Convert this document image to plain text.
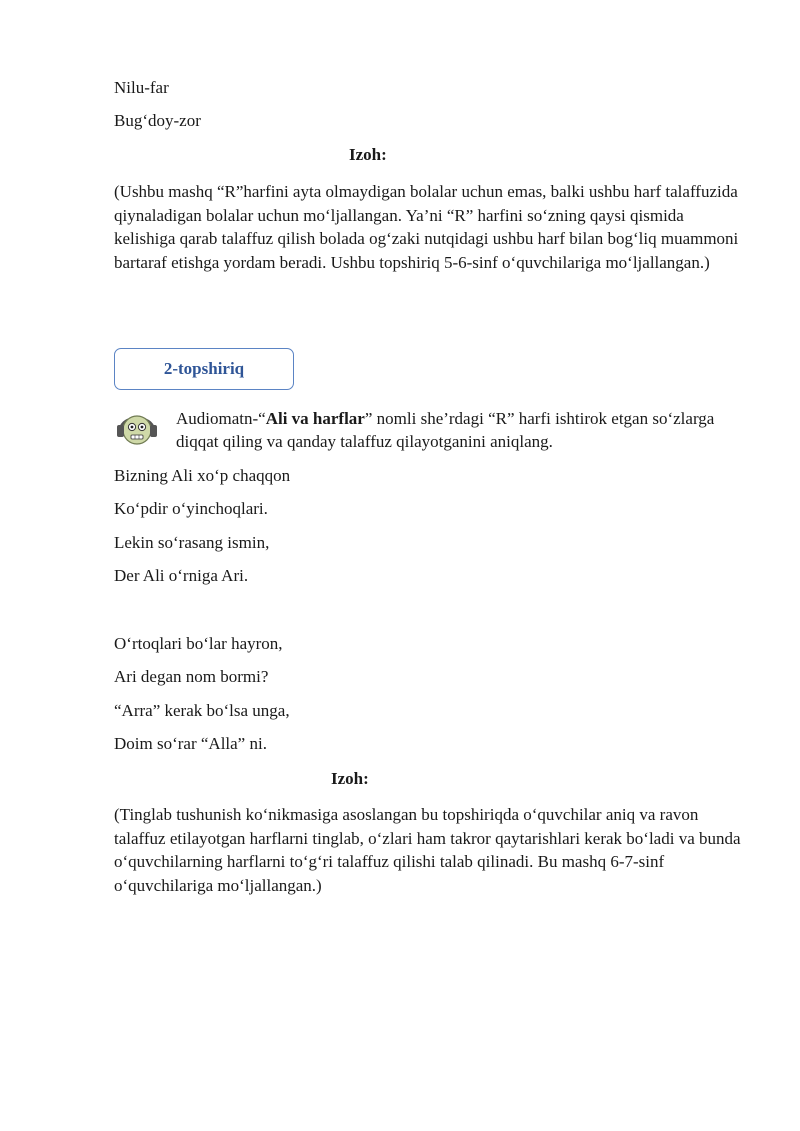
Nilu-far
Bug‘doy-zor
Izoh:
(Ushbu mashq “R”harfini ayta olmaydigan bolalar uchun emas, balki ushbu harf talaffuzida qiynaladigan bolalar uchun mo‘ljallangan. Ya’ni “R” harfini so‘zning qaysi qismida kelishiga qarab talaffuz qilish bolada og‘zaki nutqidagi ushbu harf bilan bog‘liq muammoni bartaraf etishga yordam beradi. Ushbu topshiriq 5-6-sinf o‘quvchilariga mo‘ljallangan.)
2-topshiriq
Audiomatn-“Ali va harflar” nomli she’rdagi “R” harfi ishtirok etgan so‘zlarga diqqat qiling va qanday talaffuz qilayotganini aniqlang.
Bizning Ali xo‘p chaqqon
Ko‘pdir o‘yinchoqlari.
Lekin so‘rasang ismin,
Der Ali o‘rniga Ari.
O‘rtoqlari bo‘lar hayron,
Ari degan nom bormi?
“Arra” kerak bo‘lsa unga,
Doim so‘rar “Alla” ni.
Izoh:
(Tinglab tushunish ko‘nikmasiga asoslangan bu topshiriqda o‘quvchilar aniq va ravon talaffuz etilayotgan harflarni tinglab, o‘zlari ham takror qaytarishlari kerak bo‘ladi va bunda o‘quvchilarning harflarni to‘g‘ri talaffuz qilishi talab qilinadi. Bu mashq 6-7-sinf o‘quvchilariga mo‘ljallangan.)
